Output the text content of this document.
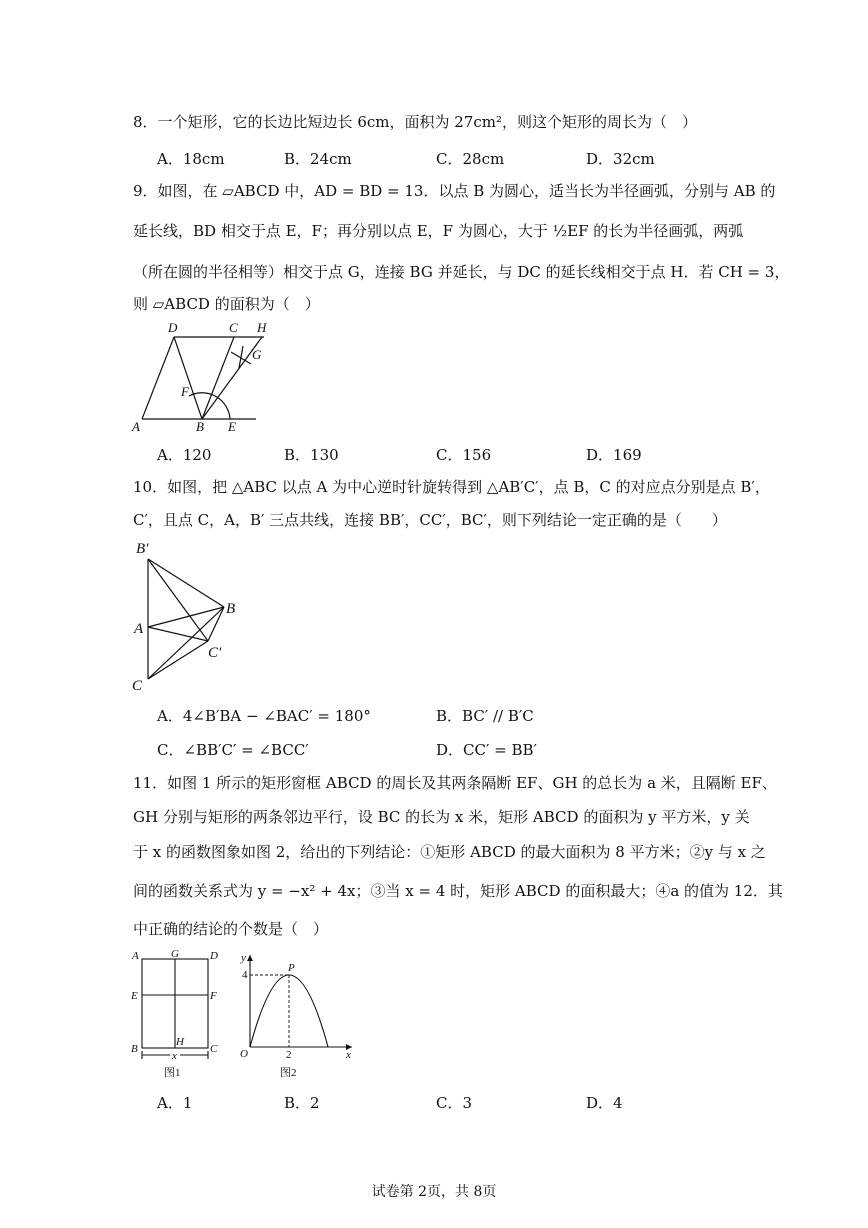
8．一个矩形，它的长边比短边长 6cm，面积为 27cm²，则这个矩形的周长为（　）
A．18cm	B．24cm	C．28cm	D．32cm
9．如图，在 ▱ABCD 中，AD = BD = 13．以点 B 为圆心，适当长为半径画弧，分别与 AB 的
延长线，BD 相交于点 E，F；再分别以点 E，F 为圆心，大于 ½EF 的长为半径画弧，两弧
（所在圆的半径相等）相交于点 G，连接 BG 并延长，与 DC 的延长线相交于点 H．若 CH = 3，
则 ▱ABCD 的面积为（　）
D	C H
G
F
A	B E
A．120	B．130	C．156	D．169
10．如图，把 △ABC 以点 A 为中心逆时针旋转得到 △AB′C′，点 B，C 的对应点分别是点 B′，
C′，且点 C，A，B′ 三点共线，连接 BB′，CC′，BC′，则下列结论一定正确的是（　　）
B′
B
A
C′
C
A．4∠B′BA − ∠BAC′ = 180°	B．BC′ // B′C
C．∠BB′C′ = ∠BCC′	D．CC′ = BB′
11．如图 1 所示的矩形窗框 ABCD 的周长及其两条隔断 EF、GH 的总长为 a 米，且隔断 EF、
GH 分别与矩形的两条邻边平行，设 BC 的长为 x 米，矩形 ABCD 的面积为 y 平方米，y 关
于 x 的函数图象如图 2，给出的下列结论：①矩形 ABCD 的最大面积为 8 平方米；②y 与 x 之
间的函数关系式为 y = −x² + 4x；③当 x = 4 时，矩形 ABCD 的面积最大；④a 的值为 12．其
中正确的结论的个数是（　）
A	G	D
E	F
B
H
C
x
图1
y
4
P
O	2	x
图2
A．1	B．2	C．3	D．4
试卷第 2页，共 8页
